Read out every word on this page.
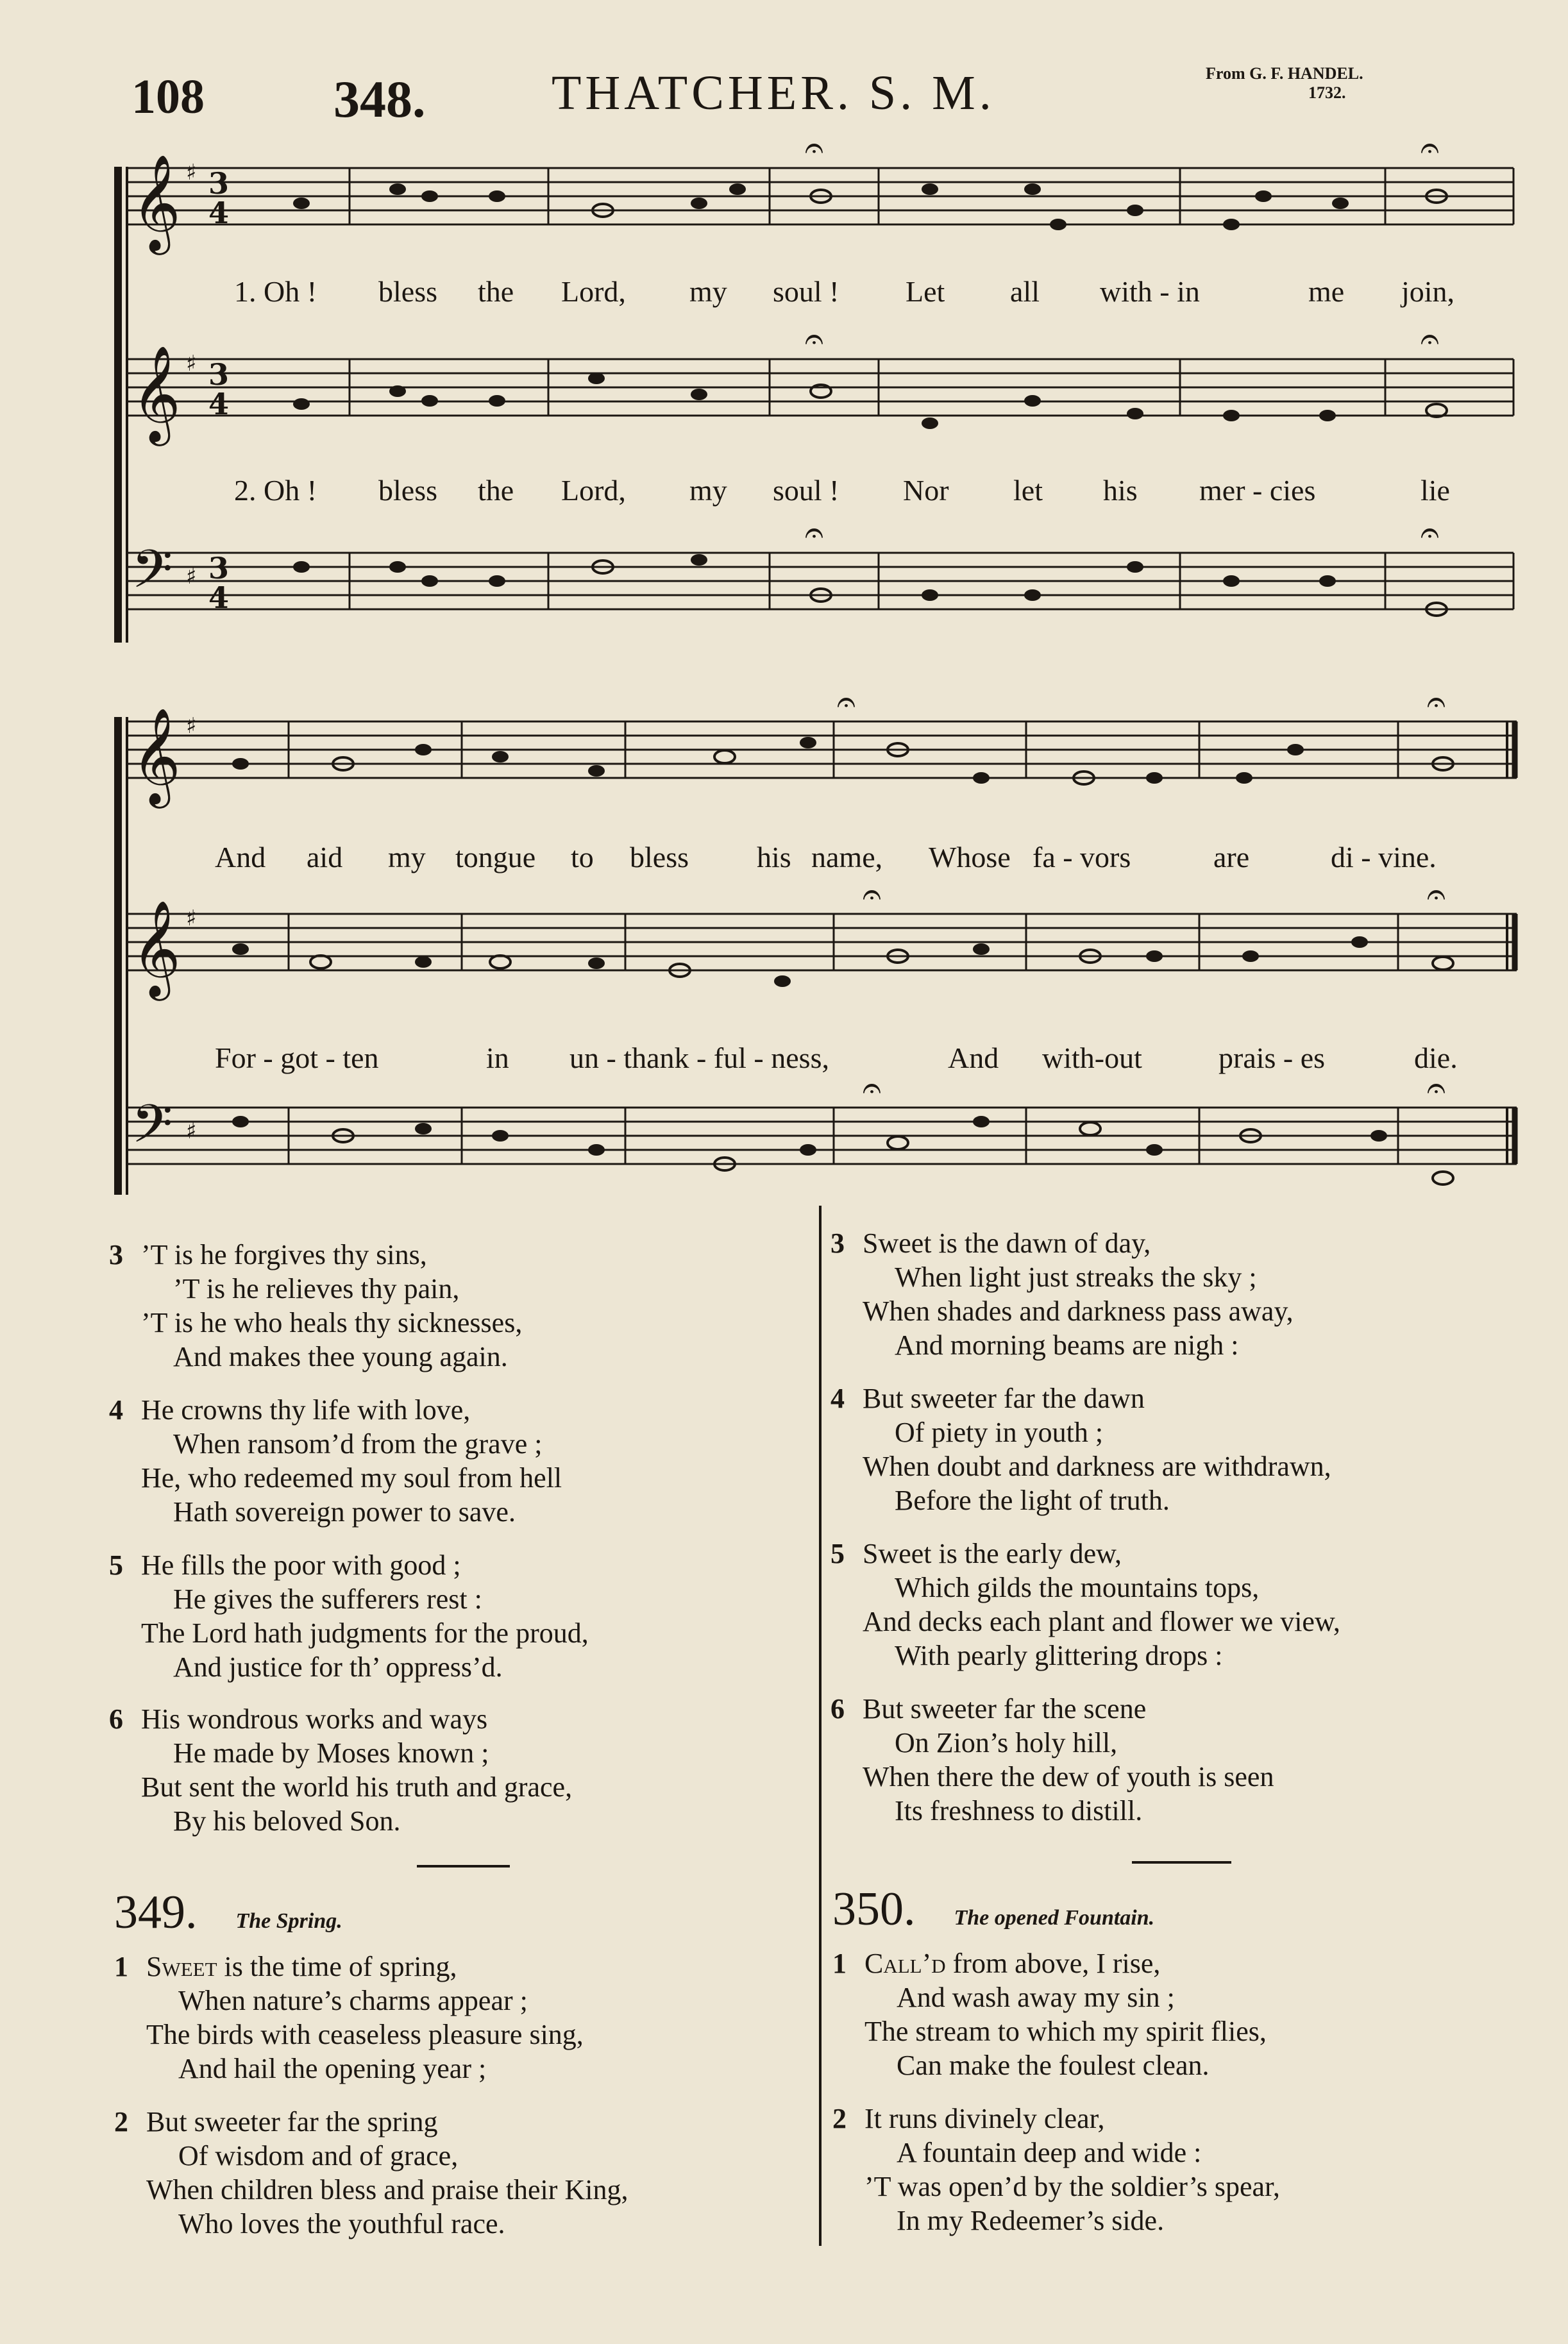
108 348.	THATCHER. S. M.	From G. F. HANDEL.
1732.
𝄞
𝄞
𝄢
𝄞
𝄞
𝄢
♯
♯
♯
♯
♯
♯
3
4
3
4
3
4
𝄐	𝄐
𝄐	𝄐
𝄐	𝄐
𝄐	𝄐
𝄐	𝄐
𝄐	𝄐
1. Oh ! bless the Lord, my soul ! Let all with - in	me join,
2. Oh ! bless the Lord, my soul ! Nor let his mer - cies	lie
And aid my tongue to bless his name, Whose fa - vors	are	di - vine.
For - got - ten	in un - thank - ful - ness,	And with-out	prais - es	die.
3 ’T is he forgives thy sins,
’T is he relieves thy pain,
’T is he who heals thy sicknesses,
And makes thee young again.
4 He crowns thy life with love,
When ransom’d from the grave ;
He, who redeemed my soul from hell
Hath sovereign power to save.
5 He fills the poor with good ;
He gives the sufferers rest :
The Lord hath judgments for the proud,
And justice for th’ oppress’d.
6 His wondrous works and ways
He made by Moses known ;
But sent the world his truth and grace,
By his beloved Son.
3 Sweet is the dawn of day,
When light just streaks the sky ;
When shades and darkness pass away,
And morning beams are nigh :
4 But sweeter far the dawn
Of piety in youth ;
When doubt and darkness are withdrawn,
Before the light of truth.
5 Sweet is the early dew,
Which gilds the mountains tops,
And decks each plant and flower we view,
With pearly glittering drops :
6 But sweeter far the scene
On Zion’s holy hill,
When there the dew of youth is seen
Its freshness to distill.
349. The Spring.
1 Sweet is the time of spring,
When nature’s charms appear ;
The birds with ceaseless pleasure sing,
And hail the opening year ;
2 But sweeter far the spring
Of wisdom and of grace,
When children bless and praise their King,
Who loves the youthful race.
350. The opened Fountain.
1 Call’d from above, I rise,
And wash away my sin ;
The stream to which my spirit flies,
Can make the foulest clean.
2 It runs divinely clear,
A fountain deep and wide :
’T was open’d by the soldier’s spear,
In my Redeemer’s side.
